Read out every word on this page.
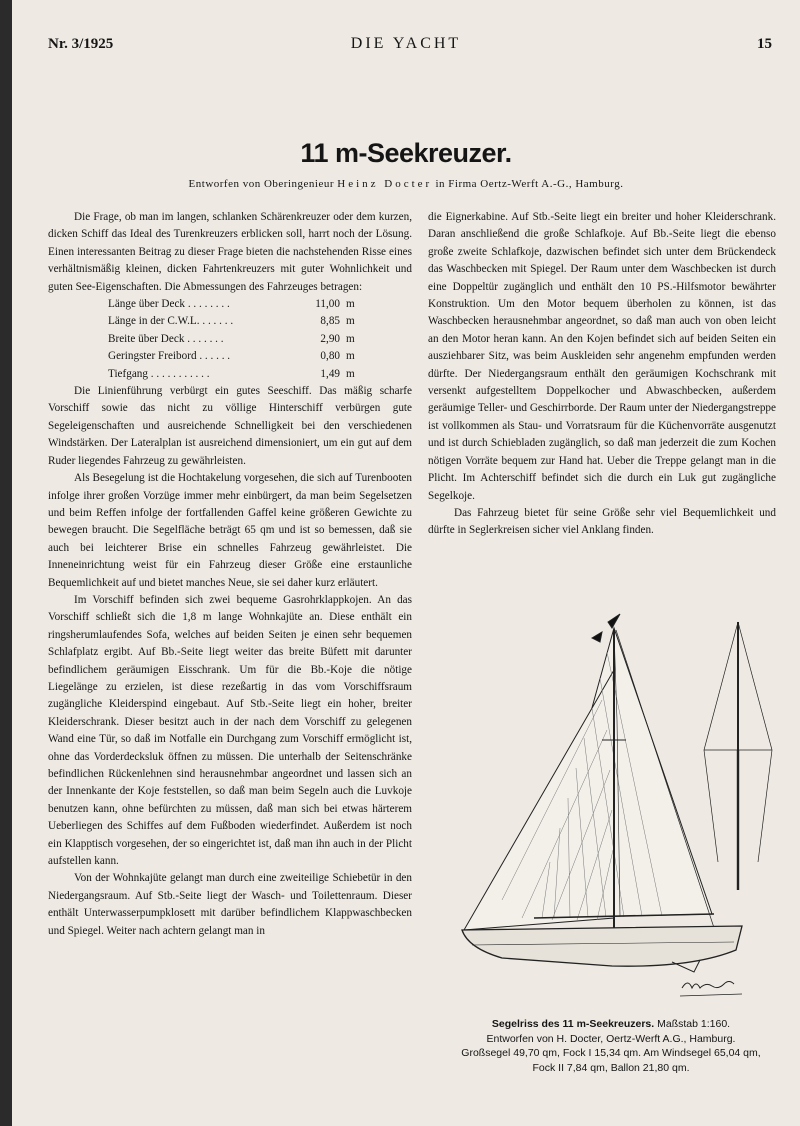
Nr. 3/1925	DIE YACHT	15
11 m-Seekreuzer.
Entworfen von Oberingenieur Heinz Docter in Firma Oertz-Werft A.-G., Hamburg.

Die Frage, ob man im langen, schlanken Schärenkreuzer oder dem kurzen, dicken Schiff das Ideal des Turenkreuzers erblicken soll, harrt noch der Lösung. Einen interessanten Beitrag zu dieser Frage bieten die nachstehenden Risse eines verhältnismäßig kleinen, dicken Fahrtenkreuzers mit guter Wohnlichkeit und guten See-Eigenschaften. Die Abmessungen des Fahrzeuges betragen:

Länge über Deck . . . . . . . .	11,00	m
Länge in der C.W.L. . . . . . .	8,85	m
Breite über Deck . . . . . . .	2,90	m
Geringster Freibord . . . . . .	0,80	m
Tiefgang . . . . . . . . . . .	1,49	m

Die Linienführung verbürgt ein gutes Seeschiff. Das mäßig scharfe Vorschiff sowie das nicht zu völlige Hinterschiff verbürgen gute Segeleigenschaften und ausreichende Schnelligkeit bei den verschiedenen Windstärken. Der Lateralplan ist ausreichend dimensioniert, um ein gut auf dem Ruder liegendes Fahrzeug zu gewährleisten.

Als Besegelung ist die Hochtakelung vorgesehen, die sich auf Turenbooten infolge ihrer großen Vorzüge immer mehr einbürgert, da man beim Segelsetzen und beim Reffen infolge der fortfallenden Gaffel keine größeren Gewichte zu bewegen braucht. Die Segelfläche beträgt 65 qm und ist so bemessen, daß sie auch bei leichterer Brise ein schnelles Fahrzeug gewährleistet. Die Inneneinrichtung weist für ein Fahrzeug dieser Größe eine erstaunliche Bequemlichkeit auf und bietet manches Neue, sie sei daher kurz erläutert.

Im Vorschiff befinden sich zwei bequeme Gasrohrklappkojen. An das Vorschiff schließt sich die 1,8 m lange Wohnkajüte an. Diese enthält ein ringsherumlaufendes Sofa, welches auf beiden Seiten je einen sehr bequemen Schlafplatz ergibt. Auf Bb.-Seite liegt weiter das breite Büfett mit darunter befindlichem geräumigen Eisschrank. Um für die Bb.-Koje die nötige Liegelänge zu erzielen, ist diese rezeßartig in das vom Vorschiffsraum zugängliche Kleiderspind eingebaut. Auf Stb.-Seite liegt ein hoher, breiter Kleiderschrank. Dieser besitzt auch in der nach dem Vorschiff zu gelegenen Wand eine Tür, so daß im Notfalle ein Durchgang zum Vorschiff ermöglicht ist, ohne das Vorderdecksluk öffnen zu müssen. Die unterhalb der Seitenschränke befindlichen Rückenlehnen sind herausnehmbar angeordnet und lassen sich an der Innenkante der Koje feststellen, so daß man beim Segeln auch die Luvkoje benutzen kann, ohne befürchten zu müssen, daß man sich bei etwas härterem Ueberliegen des Schiffes auf dem Fußboden wiederfindet. Außerdem ist noch ein Klapptisch vorgesehen, der so eingerichtet ist, daß man ihn auch in der Plicht aufstellen kann.

Von der Wohnkajüte gelangt man durch eine zweiteilige Schiebetür in den Niedergangsraum. Auf Stb.-Seite liegt der Wasch- und Toilettenraum. Dieser enthält Unterwasserpumpklosett mit darüber befindlichem Klappwaschbecken und Spiegel. Weiter nach achtern gelangt man in

die Eignerkabine. Auf Stb.-Seite liegt ein breiter und hoher Kleiderschrank. Daran anschließend die große Schlafkoje. Auf Bb.-Seite liegt die ebenso große zweite Schlafkoje, dazwischen befindet sich unter dem Brückendeck das Waschbecken mit Spiegel. Der Raum unter dem Waschbecken ist durch eine Doppeltür zugänglich und enthält den 10 PS.-Hilfsmotor bewährter Konstruktion. Um den Motor bequem überholen zu können, ist das Waschbecken herausnehmbar angeordnet, so daß man auch von oben leicht an den Motor heran kann. An den Kojen befindet sich auf beiden Seiten ein ausziehbarer Sitz, was beim Auskleiden sehr angenehm empfunden werden dürfte. Der Niedergangsraum enthält den geräumigen Kochschrank mit versenkt aufgestelltem Doppelkocher und Abwaschbecken, außerdem geräumige Teller- und Geschirrborde. Der Raum unter der Niedergangstreppe ist vollkommen als Stau- und Vorratsraum für die Küchenvorräte ausgenutzt und ist durch Schiebladen zugänglich, so daß man jederzeit die zum Kochen nötigen Vorräte bequem zur Hand hat. Ueber die Treppe gelangt man in die Plicht. Im Achterschiff befindet sich die durch ein Luk gut zugängliche Segelkoje.

Das Fahrzeug bietet für seine Größe sehr viel Bequemlichkeit und dürfte in Seglerkreisen sicher viel Anklang finden.

Segelriss des 11 m-Seekreuzers. Maßstab 1:160.
Entworfen von H. Docter, Oertz-Werft A.G., Hamburg.
Großsegel 49,70 qm, Fock I 15,34 qm. Am Windsegel 65,04 qm,
Fock II 7,84 qm, Ballon 21,80 qm.
